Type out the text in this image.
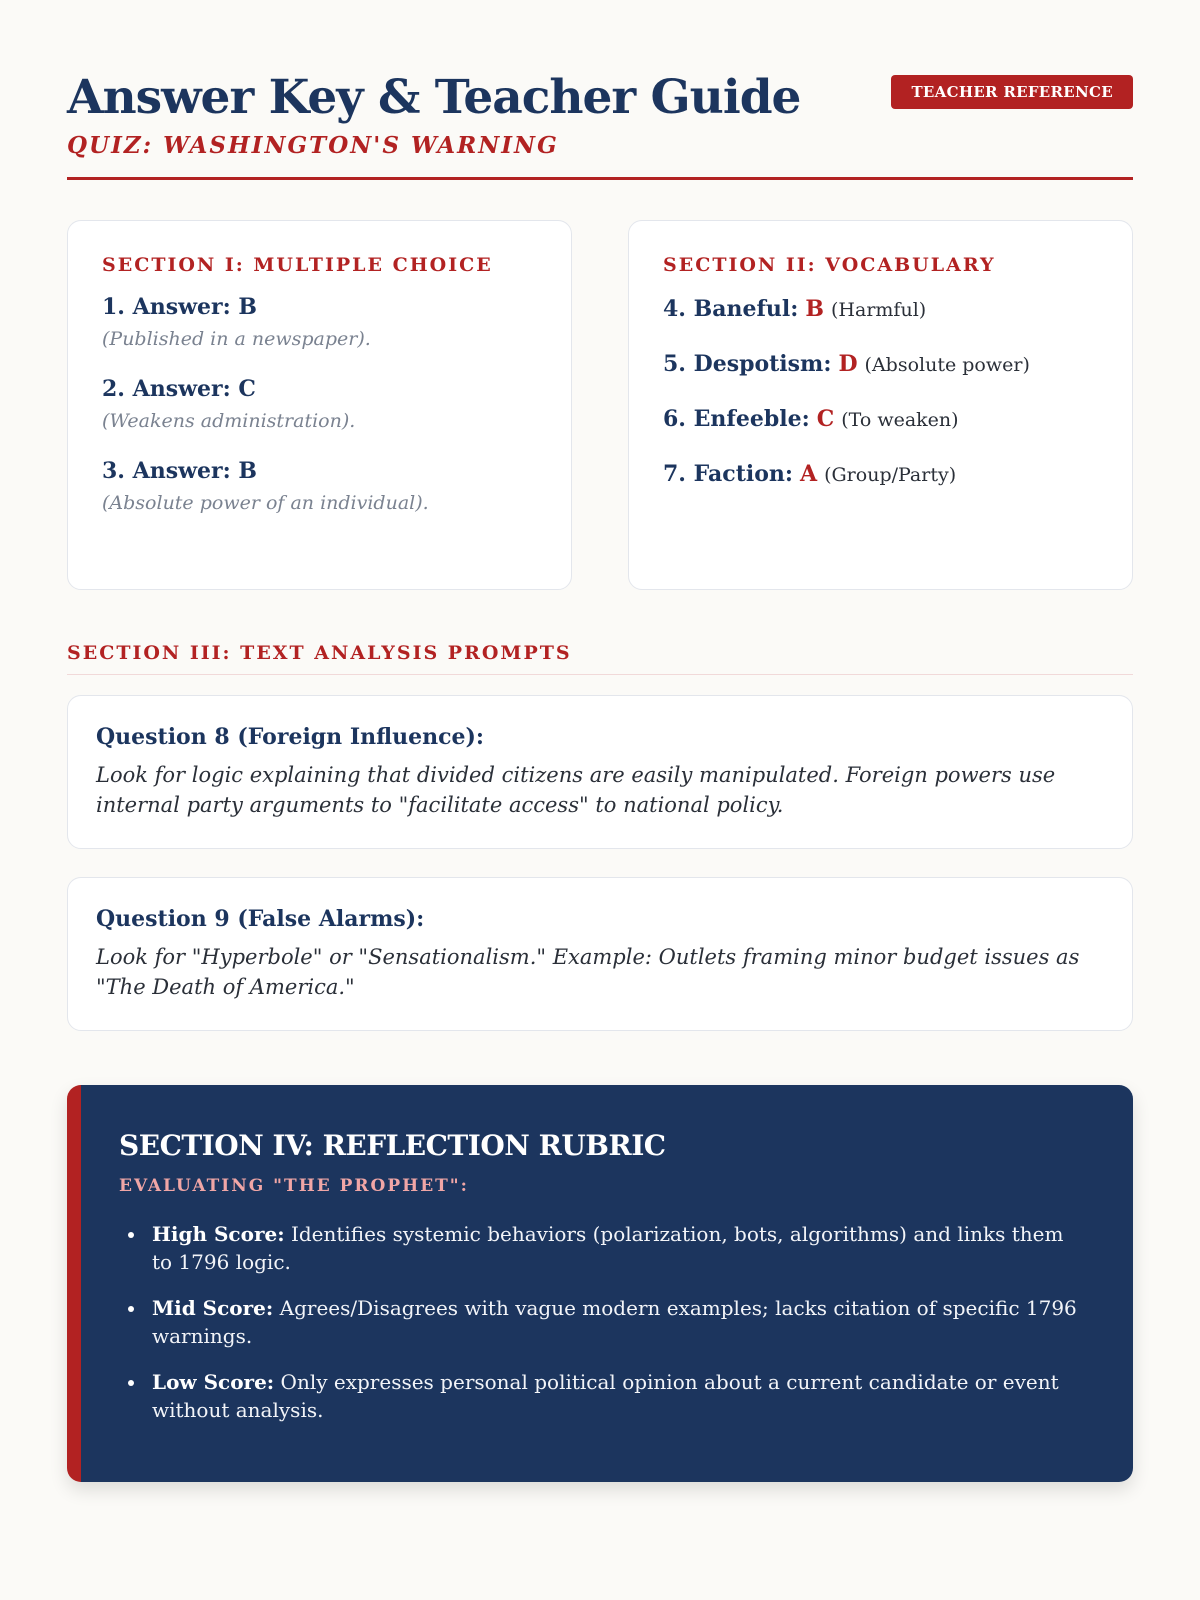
Answer Key & Teacher Guide
QUIZ: WASHINGTON'S WARNING
TEACHER REFERENCE
SECTION I: MULTIPLE CHOICE
1. Answer: B
(Published in a newspaper).
2. Answer: C
(Weakens administration).
3. Answer: B
(Absolute power of an individual).
SECTION II: VOCABULARY
4. Baneful: B (Harmful)
5. Despotism: D (Absolute power)
6. Enfeeble: C (To weaken)
7. Faction: A (Group/Party)
SECTION III: TEXT ANALYSIS PROMPTS
Question 8 (Foreign Influence):
Look for logic explaining that divided citizens are easily manipulated. Foreign powers use internal party arguments to "facilitate access" to national policy.
Question 9 (False Alarms):
Look for "Hyperbole" or "Sensationalism." Example: Outlets framing minor budget issues as "The Death of America."
SECTION IV: REFLECTION RUBRIC
EVALUATING "THE PROPHET":
High Score: Identifies systemic behaviors (polarization, bots, algorithms) and links them to 1796 logic.
Mid Score: Agrees/Disagrees with vague modern examples; lacks citation of specific 1796 warnings.
Low Score: Only expresses personal political opinion about a current candidate or event without analysis.
